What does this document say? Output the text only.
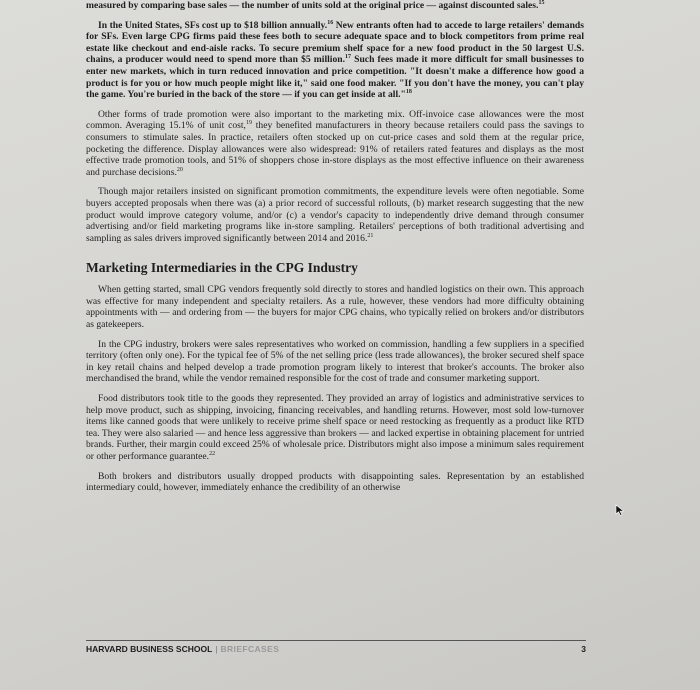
measured by comparing base sales — the number of units sold at the original price — against discounted sales.$^{15}$

In the United States, SFs cost up to $18 billion annually.$^{16}$ New entrants often had to accede to large retailers' demands for SFs. Even large CPG firms paid these fees both to secure adequate space and to block competitors from prime real estate like checkout and end-aisle racks. To secure premium shelf space for a new food product in the 50 largest U.S. chains, a producer would need to spend more than $5 million.$^{17}$ Such fees made it more difficult for small businesses to enter new markets, which in turn reduced innovation and price competition. "It doesn't make a difference how good a product is for you or how much people might like it," said one food maker. "If you don't have the money, you can't play the game. You're buried in the back of the store — if you can get inside at all."$^{18}$

Other forms of trade promotion were also important to the marketing mix. Off-invoice case allowances were the most common. Averaging 15.1% of unit cost,$^{19}$ they benefited manufacturers in theory because retailers could pass the savings to consumers to stimulate sales. In practice, retailers often stocked up on cut-price cases and sold them at the regular price, pocketing the difference. Display allowances were also widespread: 91% of retailers rated features and displays as the most effective trade promotion tools, and 51% of shoppers chose in-store displays as the most effective influence on their awareness and purchase decisions.$^{20}$

Though major retailers insisted on significant promotion commitments, the expenditure levels were often negotiable. Some buyers accepted proposals when there was (a) a prior record of successful rollouts, (b) market research suggesting that the new product would improve category volume, and/or (c) a vendor's capacity to independently drive demand through consumer advertising and/or field marketing programs like in-store sampling. Retailers' perceptions of both traditional advertising and sampling as sales drivers improved significantly between 2014 and 2016.21

Marketing Intermediaries in the CPG Industry

When getting started, small CPG vendors frequently sold directly to stores and handled logistics on their own. This approach was effective for many independent and specialty retailers. As a rule, however, these vendors had more difficulty obtaining appointments with — and ordering from — the buyers for major CPG chains, who typically relied on brokers and/or distributors as gatekeepers.

In the CPG industry, brokers were sales representatives who worked on commission, handling a few suppliers in a specified territory (often only one). For the typical fee of 5% of the net selling price (less trade allowances), the broker secured shelf space in key retail chains and helped develop a trade promotion program likely to interest that broker's accounts. The broker also merchandised the brand, while the vendor remained responsible for the cost of trade and consumer marketing support.

Food distributors took title to the goods they represented. They provided an array of logistics and administrative services to help move product, such as shipping, invoicing, financing receivables, and handling returns. However, most sold low-turnover items like canned goods that were unlikely to receive prime shelf space or need restocking as frequently as a product like RTD tea. They were also salaried — and hence less aggressive than brokers — and lacked expertise in obtaining placement for untried brands. Further, their margin could exceed 25% of wholesale price. Distributors might also impose a minimum sales requirement or other performance guarantee.$^{22}$

Both brokers and distributors usually dropped products with disappointing sales. Representation by an established intermediary could, however, immediately enhance the credibility of an otherwise

HARVARD BUSINESS SCHOOL | BRIEFCASES	3
